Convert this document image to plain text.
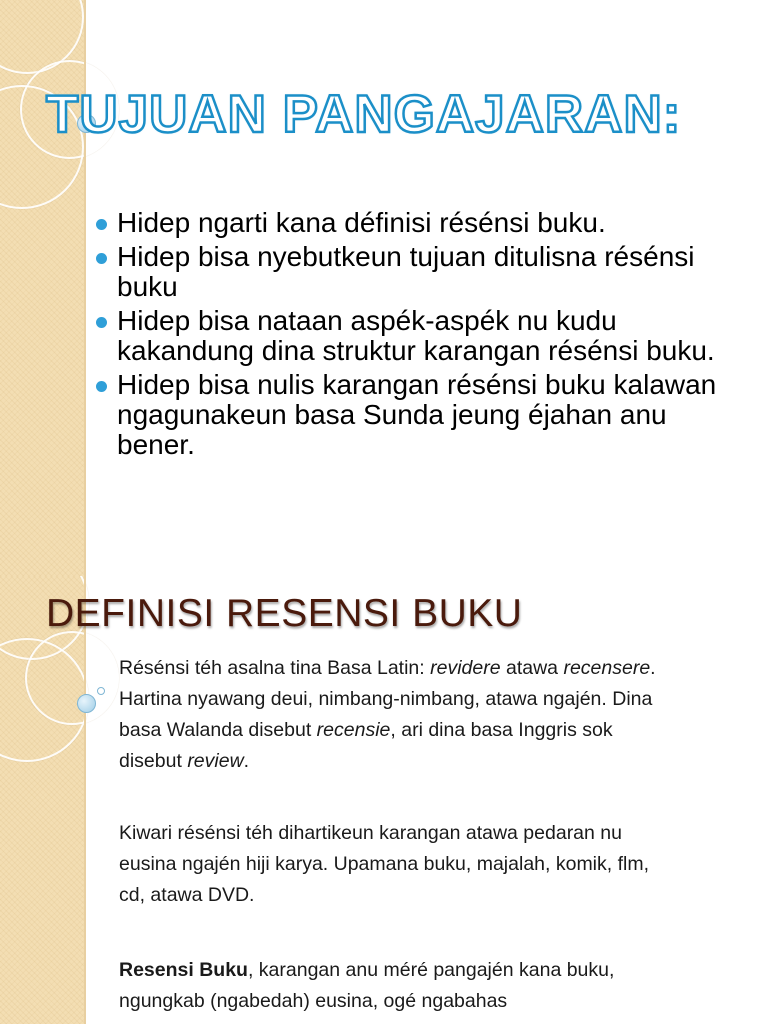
TUJUAN PANGAJARAN:
Hidep ngarti kana définisi résénsi buku.
Hidep bisa nyebutkeun tujuan ditulisna résénsi buku
Hidep bisa nataan aspék-aspék nu kudu kakandung dina struktur karangan résénsi buku.
Hidep bisa nulis karangan résénsi buku kalawan ngagunakeun basa Sunda jeung éjahan anu bener.
DEFINISI RESENSI BUKU

Résénsi téh asalna tina Basa Latin: revidere atawa recensere. Hartina nyawang deui, nimbang-nimbang, atawa ngajén. Dina basa Walanda disebut recensie, ari dina basa Inggris sok disebut review.

Kiwari résénsi téh dihartikeun karangan atawa pedaran nu eusina ngajén hiji karya. Upamana buku, majalah, komik, flm, cd, atawa DVD.

Resensi Buku, karangan anu méré pangajén kana buku, ngungkab (ngabedah) eusina, ogé ngabahas
